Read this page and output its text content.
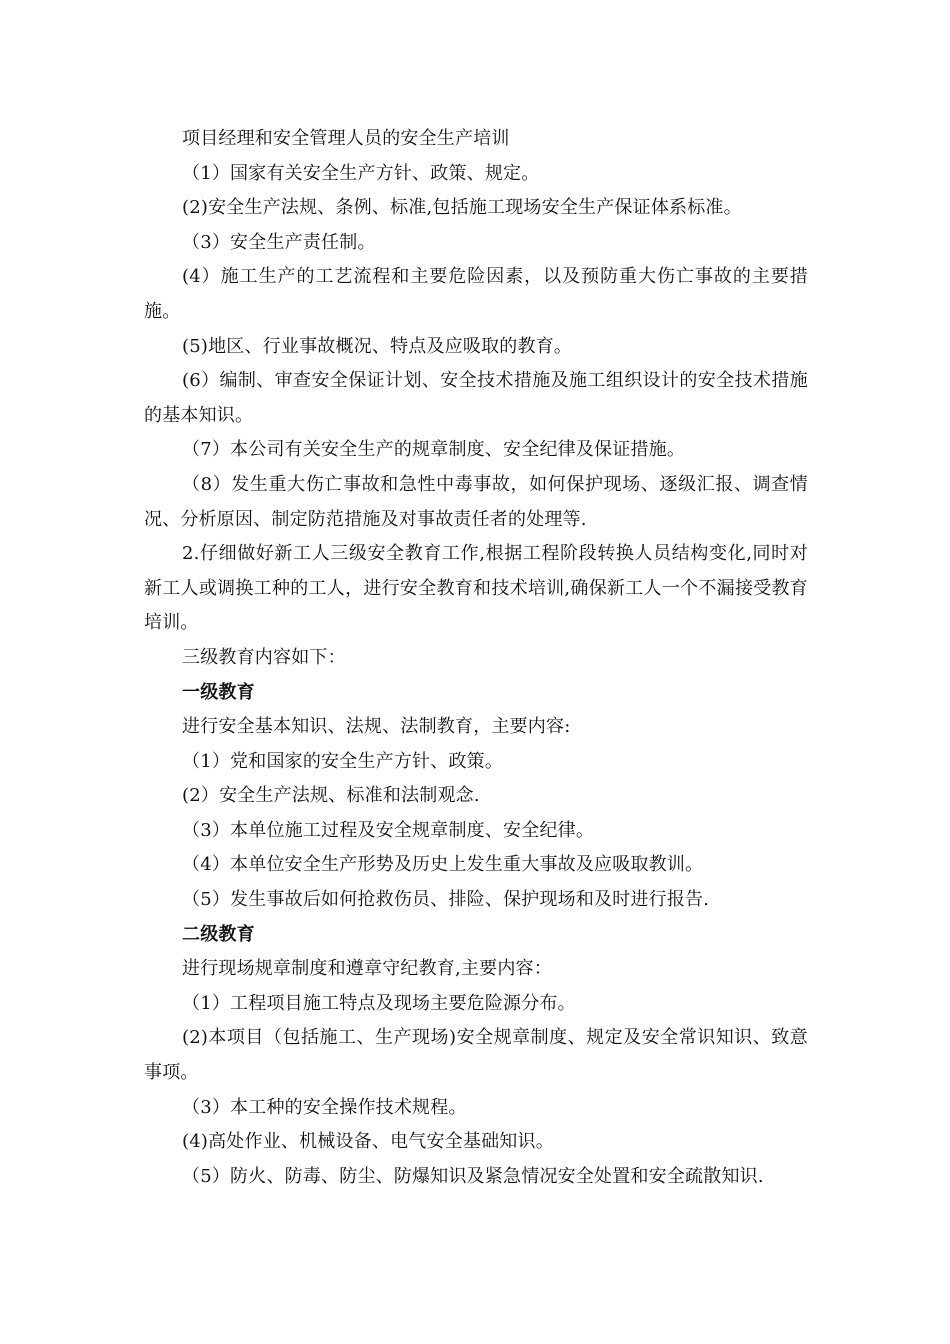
项目经理和安全管理人员的安全生产培训

（1）国家有关安全生产方针、政策、规定。

(2)安全生产法规、条例、标准,包括施工现场安全生产保证体系标准。

（3）安全生产责任制。

(4）施工生产的工艺流程和主要危险因素，以及预防重大伤亡事故的主要措施。

(5)地区、行业事故概况、特点及应吸取的教育。

(6）编制、审查安全保证计划、安全技术措施及施工组织设计的安全技术措施的基本知识。

（7）本公司有关安全生产的规章制度、安全纪律及保证措施。

（8）发生重大伤亡事故和急性中毒事故，如何保护现场、逐级汇报、调查情况、分析原因、制定防范措施及对事故责任者的处理等.

2.仔细做好新工人三级安全教育工作,根据工程阶段转换人员结构变化,同时对新工人或调换工种的工人，进行安全教育和技术培训,确保新工人一个不漏接受教育培训。

三级教育内容如下：

一级教育

进行安全基本知识、法规、法制教育，主要内容:

（1）党和国家的安全生产方针、政策。

(2）安全生产法规、标准和法制观念.

（3）本单位施工过程及安全规章制度、安全纪律。

（4）本单位安全生产形势及历史上发生重大事故及应吸取教训。

（5）发生事故后如何抢救伤员、排险、保护现场和及时进行报告.

二级教育

进行现场规章制度和遵章守纪教育,主要内容：

（1）工程项目施工特点及现场主要危险源分布。

(2)本项目（包括施工、生产现场)安全规章制度、规定及安全常识知识、致意事项。

（3）本工种的安全操作技术规程。

(4)高处作业、机械设备、电气安全基础知识。

（5）防火、防毒、防尘、防爆知识及紧急情况安全处置和安全疏散知识.
